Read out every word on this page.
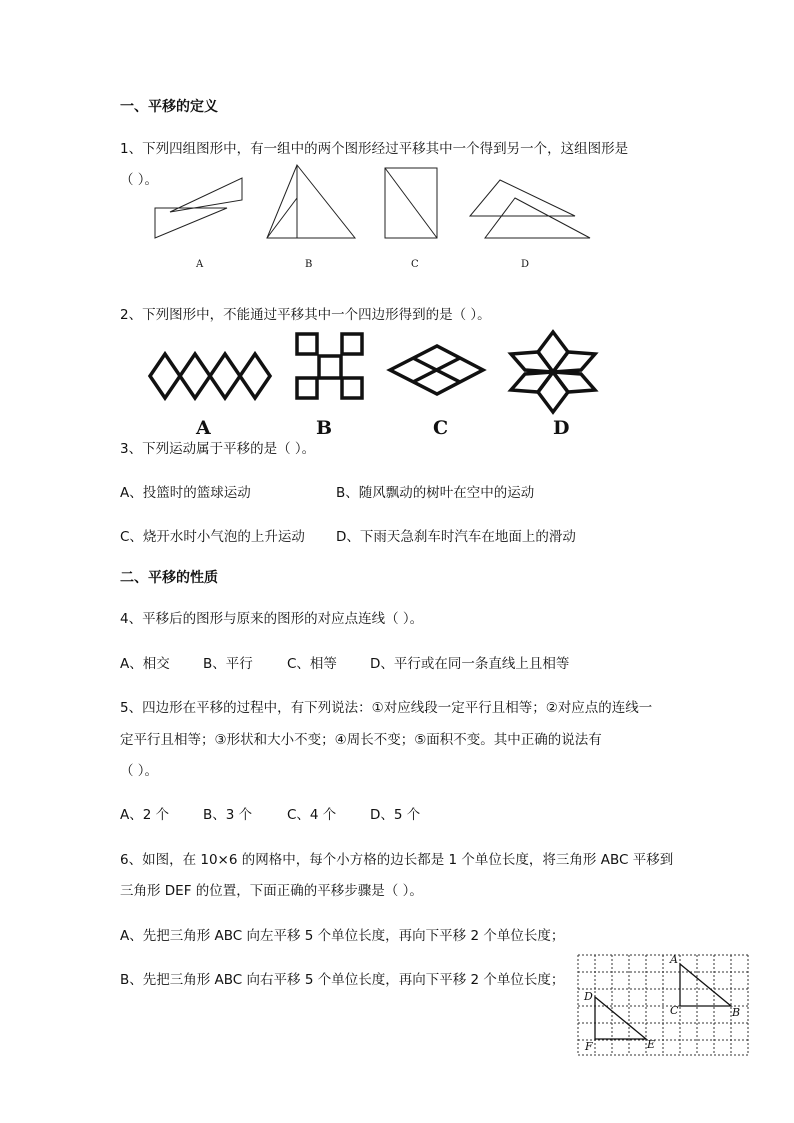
一、平移的定义
1、下列四组图形中，有一组中的两个图形经过平移其中一个得到另一个，这组图形是
（ ）。
A	B	C	D
2、下列图形中，不能通过平移其中一个四边形得到的是（ ）。
A	B	C	D
3、下列运动属于平移的是（ ）。
A、投篮时的篮球运动	B、随风飘动的树叶在空中的运动
C、烧开水时小气泡的上升运动 D、下雨天急刹车时汽车在地面上的滑动
二、平移的性质
4、平移后的图形与原来的图形的对应点连线（ ）。
A、相交 B、平行	C、相等 D、平行或在同一条直线上且相等
5、四边形在平移的过程中，有下列说法：①对应线段一定平行且相等；②对应点的连线一
定平行且相等；③形状和大小不变；④周长不变；⑤面积不变。其中正确的说法有
（ ）。
A、2 个	B、3 个	C、4 个 D、5 个
6、如图，在 10×6 的网格中，每个小方格的边长都是 1 个单位长度，将三角形 ABC 平移到
三角形 DEF 的位置，下面正确的平移步骤是（ ）。
A、先把三角形 ABC 向左平移 5 个单位长度，再向下平移 2 个单位长度；
B、先把三角形 ABC 向右平移 5 个单位长度，再向下平移 2 个单位长度；
A
B
C
D
E
F
